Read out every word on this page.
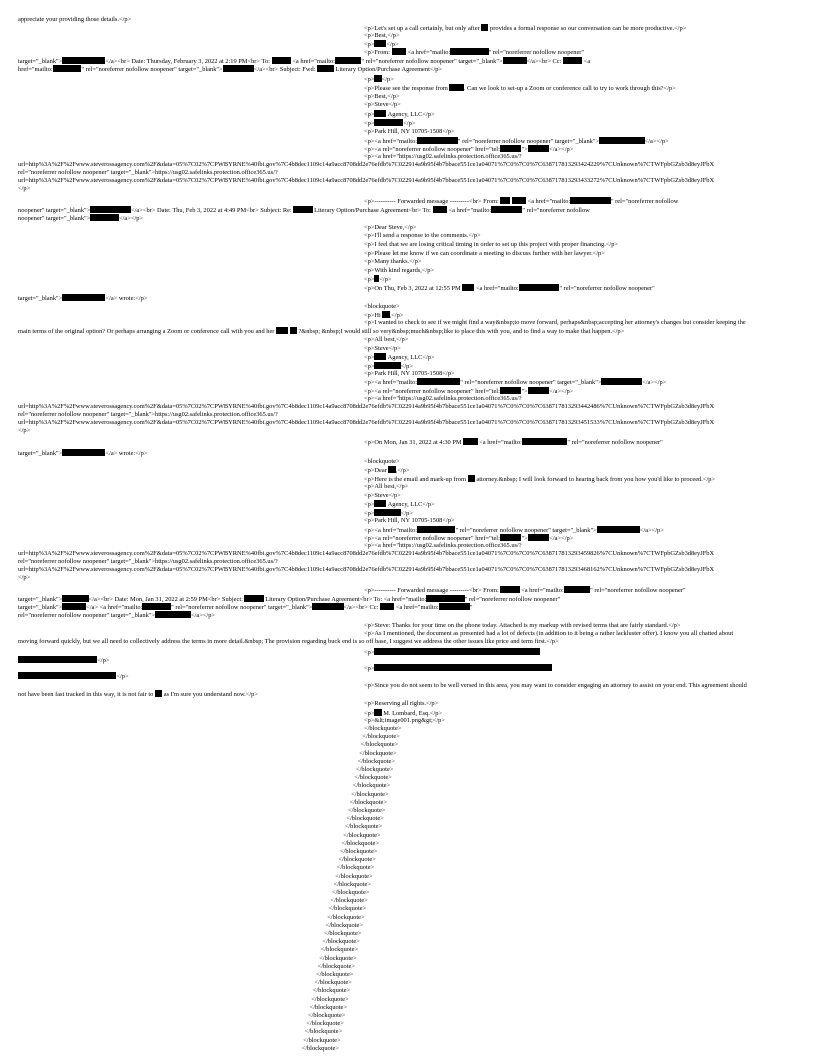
appreciate your providing those details.</p>
<p>Let's set up a call certainly, but only after  provides a formal response so our conversation can be more productive.</p>
<p>Best,</p>
<p> </p>
<p>From:  <a href="mailto:	" rel="noreferrer nofollow noopener"
target="_blank">	</a><br> Date: Thursday, February 3, 2022 at 2:19 PM<br> To:	<a href="mailto:	" rel="noreferrer nofollow noopener" target="_blank">	</a><br> Cc:	<a
href="mailto:	" rel="noreferrer nofollow noopener" target="_blank">	</a><br> Subject: Fwd:	Literary Option/Purchase Agreement</p>
<p> </p>
<p>Please see the response from . Can we look to set-up a Zoom or conference call to try to work through this?</p>
<p>Best,</p>
<p>Steve</p>
<p> Agency, LLC</p>
<p>	</p>
<p>Park Hill, NY 10705-1508</p>
<p><a href="mailto:	" rel="noreferrer nofollow noopener" target="_blank">	</a></p>
<p><a rel="noreferrer nofollow noopener" href="tel:	">	</a></p>
<p><a href="https://usg02.safelinks.protection.office365.us/?
url=http%3A%2F%2Fwww.steverossagency.com%2F&data=05%7C02%7CPWBYRNE%40fbi.gov%7C4b8dec1109c14a9acc8708dd2e76efdb%7C022914a9b95f4b7bbace551ce1a04071%7C0%7C0%7C638717813293424229%7CUnknown%7CTWFpbGZsb3d8eyJFbX
rel="noreferrer nofollow noopener" target="_blank">https://usg02.safelinks.protection.office365.us/?
url=http%3A%2F%2Fwww.steverossagency.com%2F&data=05%7C02%7CPWBYRNE%40fbi.gov%7C4b8dec1109c14a9acc8708dd2e76efdb%7C022914a9b95f4b7bbace551ce1a04071%7C0%7C0%7C638717813293433272%7CUnknown%7CTWFpbGZsb3d8eyJFbX
</p>
<p>---------- Forwarded message ---------<br> From:	<a href="mailto:	" rel="noreferrer nofollow
noopener" target="_blank">	</a><br> Date: Thu, Feb 3, 2022 at 4:49 PM<br> Subject: Re:	Literary Option/Purchase Agreement<br> To:  <a href="mailto:	" rel="noreferrer nofollow
noopener" target="_blank">	</a></p>
<p>Dear Steve,</p>
<p>I'll send a response to the comments.</p>
<p>I feel that we are losing critical timing in order to set up this project with proper financing.</p>
<p>Please let me know if we can coordinate a meeting to discuss further with her lawyer.</p>
<p>Many thanks.</p>
<p>With kind regards,</p>
<p> </p>
<p>On Thu, Feb 3, 2022 at 12:55 PM  <a href="mailto:	" rel="noreferrer nofollow noopener"
target="_blank">	</a> wrote:</p>
<blockquote>
<p>Hi ,</p>
<p>I wanted to check to see if we might find a way&nbsp;to move forward, perhaps&nbsp;accepting her attorney's changes but consider keeping the
main terms of the original option? Or perhaps arranging a Zoom or conference call with you and her	?&nbsp; &nbsp;I would still so very&nbsp;much&nbsp;like to place this with you, and to find a way to make that happen.</p>
<p>All best,</p>
<p>Steve</p>
<p> Agency, LLC</p>
<p>	</p>
<p>Park Hill, NY 10705-1508</p>
<p><a href="mailto:	" rel="noreferrer nofollow noopener" target="_blank">	</a></p>
<p><a rel="noreferrer nofollow noopener" href="tel:	">	</a></p>
<p><a href="https://usg02.safelinks.protection.office365.us/?
url=http%3A%2F%2Fwww.steverossagency.com%2F&data=05%7C02%7CPWBYRNE%40fbi.gov%7C4b8dec1109c14a9acc8708dd2e76efdb%7C022914a9b95f4b7bbace551ce1a04071%7C0%7C0%7C638717813293442486%7CUnknown%7CTWFpbGZsb3d8eyJFbX
rel="noreferrer nofollow noopener" target="_blank">https://usg02.safelinks.protection.office365.us/?
url=http%3A%2F%2Fwww.steverossagency.com%2F&data=05%7C02%7CPWBYRNE%40fbi.gov%7C4b8dec1109c14a9acc8708dd2e76efdb%7C022914a9b95f4b7bbace551ce1a04071%7C0%7C0%7C638717813293451533%7CUnknown%7CTWFpbGZsb3d8eyJFbX
</p>
<p>On Mon, Jan 31, 2022 at 4:30 PM  <a href="mailto:	" rel="noreferrer nofollow noopener"
target="_blank">	</a> wrote:</p>
<blockquote>
<p>Dear ,</p>
<p>Here is the email and mark-up from  attorney.&nbsp; I will look forward to hearing back from you how you'd like to proceed.</p>
<p>All best,</p>
<p>Steve</p>
<p> Agency, LLC</p>
<p>	</p>
<p>Park Hill, NY 10705-1508</p>
<p><a href="mailto:	" rel="noreferrer nofollow noopener" target="_blank">	</a></p>
<p><a rel="noreferrer nofollow noopener" href="tel:	">	</a></p>
<p><a href="https://usg02.safelinks.protection.office365.us/?
url=http%3A%2F%2Fwww.steverossagency.com%2F&data=05%7C02%7CPWBYRNE%40fbi.gov%7C4b8dec1109c14a9acc8708dd2e76efdb%7C022914a9b95f4b7bbace551ce1a04071%7C0%7C0%7C638717813293459826%7CUnknown%7CTWFpbGZsb3d8eyJFbX
rel="noreferrer nofollow noopener" target="_blank">https://usg02.safelinks.protection.office365.us/?
url=http%3A%2F%2Fwww.steverossagency.com%2F&data=05%7C02%7CPWBYRNE%40fbi.gov%7C4b8dec1109c14a9acc8708dd2e76efdb%7C022914a9b95f4b7bbace551ce1a04071%7C0%7C0%7C638717813293468162%7CUnknown%7CTWFpbGZsb3d8eyJFbX
</p>
<p>---------- Forwarded message ---------<br> From:	<a href="mailto:	" rel="noreferrer nofollow noopener"
target="_blank">	</a><br> Date: Mon, Jan 31, 2022 at 2:59 PM<br> Subject:	Literary Option/Purchase Agreement<br> To: <a href="mailto:	" rel="noreferrer nofollow noopener"
target="_blank">	</a> <a href="mailto:	" rel="noreferrer nofollow noopener" target="_blank">	</a><br> Cc:  <a href="mailto:	"
rel="noreferrer nofollow noopener" target="_blank">	</a></p>
<p>Steve: Thanks for your time on the phone today. Attached is my markup with revised terms that are fairly standard.</p>
<p>As I mentioned, the document as presented had a lot of defects (in addition to it being a rather lackluster offer). I know you all chatted about
moving forward quickly, but we all need to collectively address the terms in more detail.&nbsp; The provision regarding buck end is so off base, I suggest we address the other issues like price and term first.</p>
<p>
</p>
<p>
</p>
<p>Since you do not seem to be well versed in this area, you may want to consider engaging an attorney to assist on your end. This agreement should
not have been fast tracked in this way, it is not fair to  as I'm sure you understand now.</p>
<p>Reserving all rights.</p>
<p> M. Lombard, Esq.</p>
<p>&lt;image001.png&gt;</p>
</blockquote>
</blockquote>
</blockquote>
</blockquote>
</blockquote>
</blockquote>
</blockquote>
</blockquote>
</blockquote>
</blockquote>
</blockquote>
</blockquote>
</blockquote>
</blockquote>
</blockquote>
</blockquote>
</blockquote>
</blockquote>
</blockquote>
</blockquote>
</blockquote>
</blockquote>
</blockquote>
</blockquote>
</blockquote>
</blockquote>
</blockquote>
</blockquote>
</blockquote>
</blockquote>
</blockquote>
</blockquote>
</blockquote>
</blockquote>
</blockquote>
</blockquote>
</blockquote>
</blockquote>
</blockquote>
</blockquote>
